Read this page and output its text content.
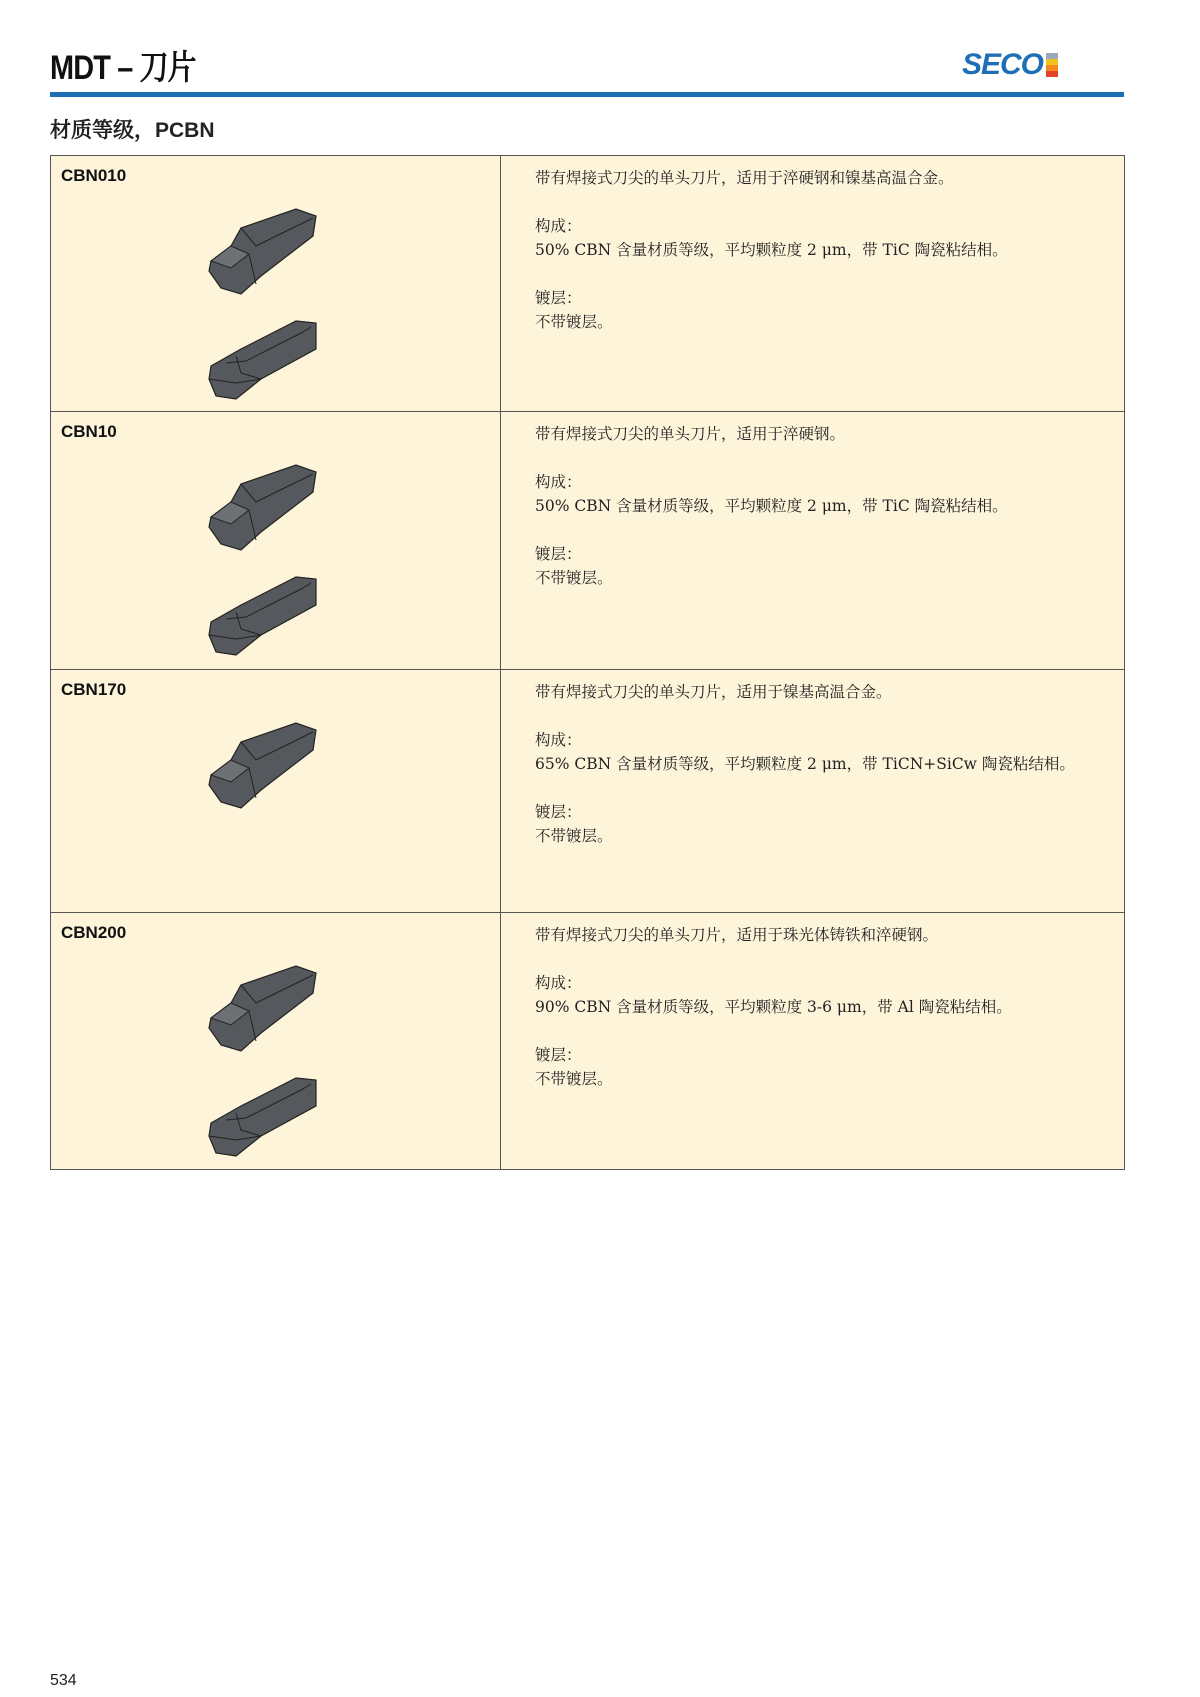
MDT – 刀片	SECO
材质等级，PCBN
CBN010	带有焊接式刀尖的单头刀片，适用于淬硬钢和镍基高温合金。
构成：
50% CBN 含量材质等级，平均颗粒度 2 μm，带 TiC 陶瓷粘结相。
镀层：
不带镀层。

CBN10	带有焊接式刀尖的单头刀片，适用于淬硬钢。
构成：
50% CBN 含量材质等级，平均颗粒度 2 μm，带 TiC 陶瓷粘结相。
镀层：
不带镀层。

CBN170	带有焊接式刀尖的单头刀片，适用于镍基高温合金。
构成：
65% CBN 含量材质等级，平均颗粒度 2 μm，带 TiCN+SiCw 陶瓷粘结相。
镀层：
不带镀层。

CBN200	带有焊接式刀尖的单头刀片，适用于珠光体铸铁和淬硬钢。
构成：
90% CBN 含量材质等级，平均颗粒度 3-6 μm，带 Al 陶瓷粘结相。
镀层：
不带镀层。
534
